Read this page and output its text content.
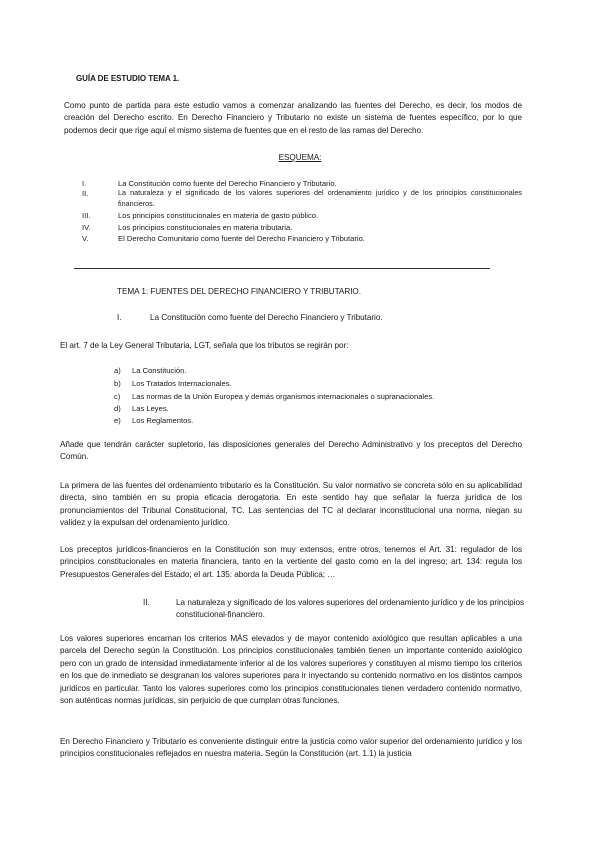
GUÍA DE ESTUDIO TEMA 1.
Como punto de partida para este estudio vamos a comenzar analizando las fuentes del Derecho, es decir, los modos de creación del Derecho escrito. En Derecho Financiero y Tributario no existe un sistema de fuentes específico, por lo que podemos decir que rige aquí el mismo sistema de fuentes que en el resto de las ramas del Derecho.
ESQUEMA:
I.	La Constitución como fuente del Derecho Financiero y Tributario.
II.	La naturaleza y el significado de los valores superiores del ordenamiento jurídico y de los principios constitucionales financieros.
III.	Los principios constitucionales en materia de gasto público.
IV.	Los principios constitucionales en materia tributaria.
V.	El Derecho Comunitario como fuente del Derecho Financiero y Tributario.
TEMA 1: FUENTES DEL DERECHO FINANCIERO Y TRIBUTARIO.
I.	La Constitución como fuente del Derecho Financiero y Tributario.
El art. 7 de la Ley General Tributaria, LGT, señala que los tributos se regirán por:
a) La Constitución.
b) Los Tratados Internacionales.
c) Las normas de la Unión Europea y demás organismos internacionales o supranacionales.
d) Las Leyes.
e) Los Reglamentos.
Añade que tendrán carácter supletorio, las disposiciones generales del Derecho Administrativo y los preceptos del Derecho Común.
La primera de las fuentes del ordenamiento tributario es la Constitución. Su valor normativo se concreta sólo en su aplicabilidad directa, sino también en su propia eficacia derogatoria. En este sentido hay que señalar la fuerza jurídica de los pronunciamientos del Tribunal Constitucional, TC. Las sentencias del TC al declarar inconstitucional una norma, niegan su validez y la expulsan del ordenamiento jurídico.
Los preceptos jurídicos-financieros en la Constitución son muy extensos, entre otros, tenemos el Art. 31: regulador de los principios constitucionales en materia financiera, tanto en la vertiente del gasto como en la del ingreso; art. 134: regula los Presupuestos Generales del Estado; el art. 135: aborda la Deuda Pública; …
II.	La naturaleza y significado de los valores superiores del ordenamiento jurídico y de los principios constitucional-financiero.
Los valores superiores encarnan los criterios MÁS elevados y de mayor contenido axiológico que resultan aplicables a una parcela del Derecho según la Constitución. Los principios constitucionales también tienen un importante contenido axiológico pero con un grado de intensidad inmediatamente inferior al de los valores superiores y constituyen al mismo tiempo los criterios en los que de inmediato se desgranan los valores superiores para ir inyectando su contenido normativo en los distintos campos jurídicos en particular. Tanto los valores superiores como los principios constitucionales tienen verdadero contenido normativo, son auténticas normas jurídicas, sin perjuicio de que cumplan otras funciones.
En Derecho Financiero y Tributario es conveniente distinguir entre la justicia como valor superior del ordenamiento jurídico y los principios constitucionales reflejados en nuestra materia. Según la Constitución (art. 1.1) la justicia
